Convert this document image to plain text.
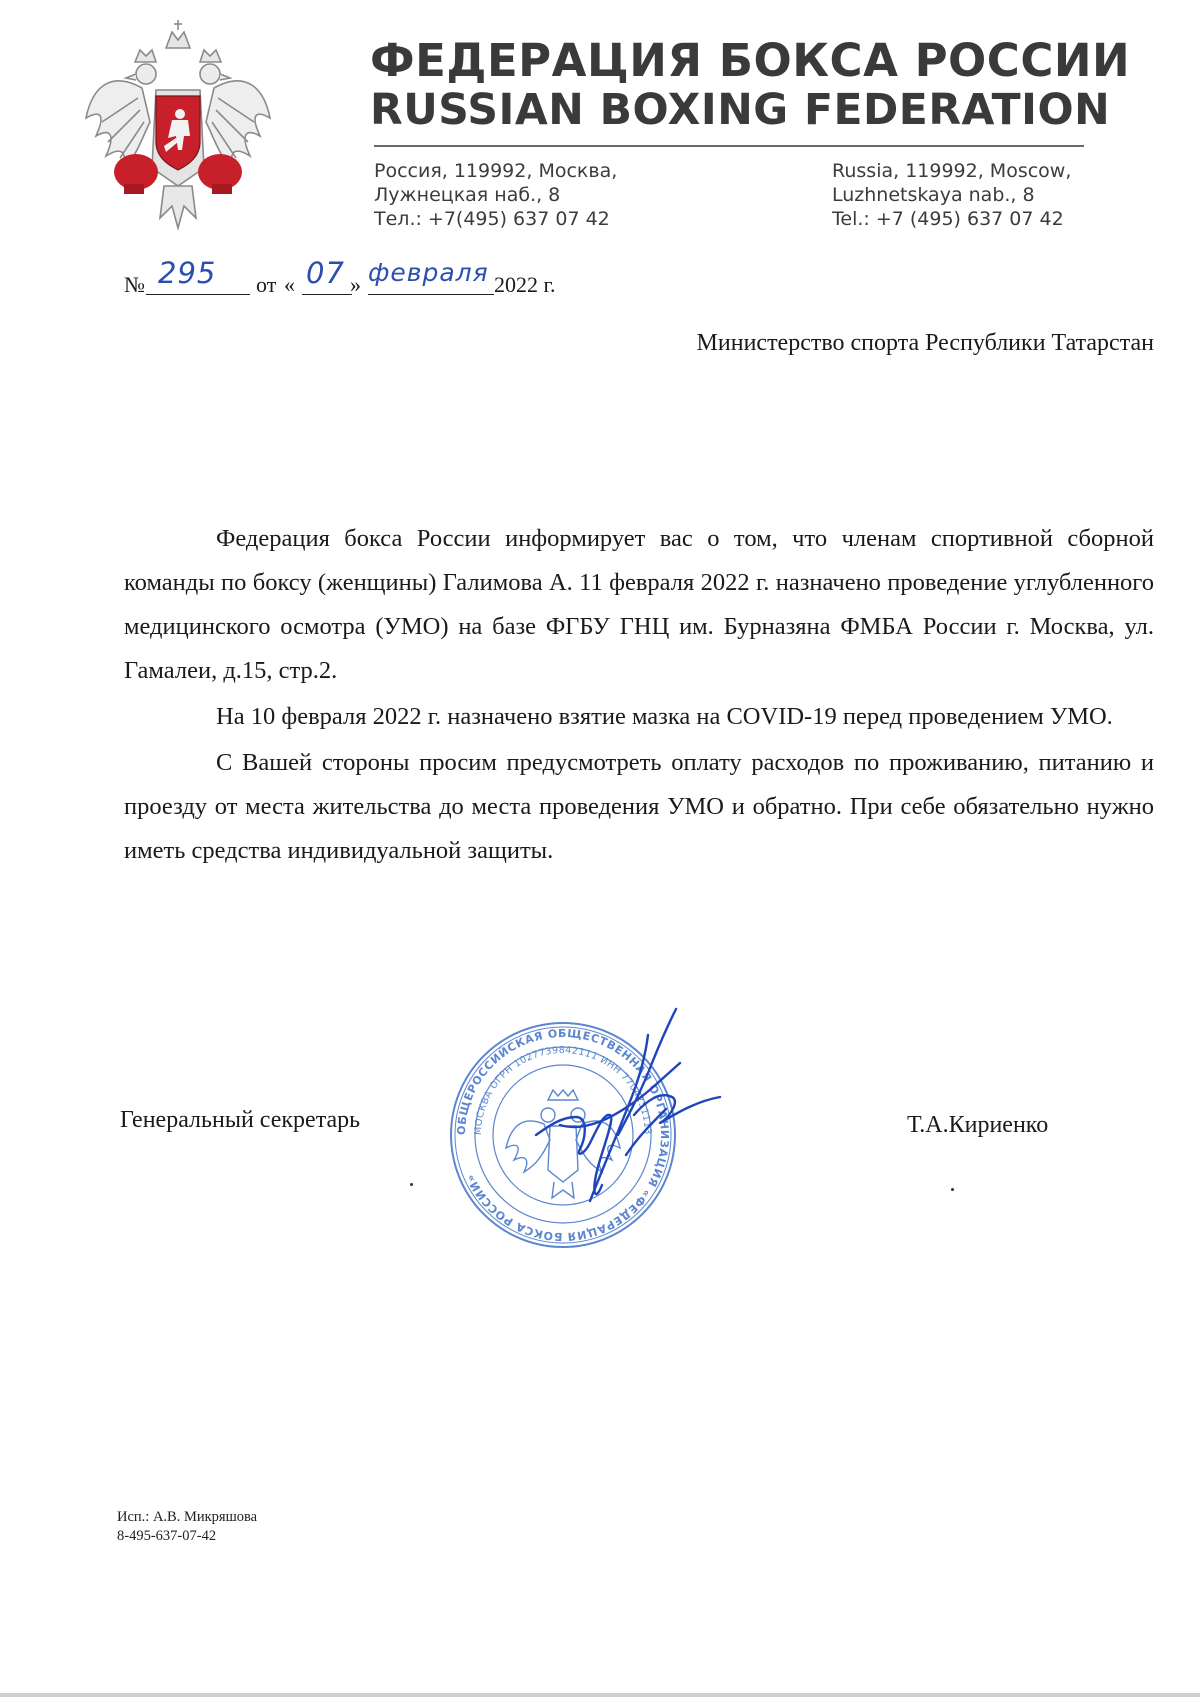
ФЕДЕРАЦИЯ БОКСА РОССИИ
RUSSIAN BOXING FEDERATION
Россия, 119992, Москва,
Лужнецкая наб., 8
Тел.: +7(495) 637 07 42
Russia, 119992, Moscow,
Luzhnetskaya nab., 8
Tel.: +7 (495) 637 07 42
№ 295 от « 07 » февраля 2022 г.
Министерство спорта Республики Татарстан

Федерация бокса России информирует вас о том, что членам спортивной сборной команды по боксу (женщины) Галимова А. 11 февраля 2022 г. назначено проведение углубленного медицинского осмотра (УМО) на базе ФГБУ ГНЦ им. Бурназяна ФМБА России г. Москва, ул. Гамалеи, д.15, стр.2.

На 10 февраля 2022 г. назначено взятие мазка на COVID-19 перед проведением УМО.

С Вашей стороны просим предусмотреть оплату расходов по проживанию, питанию и проезду от места жительства до места проведения УМО и обратно. При себе обязательно нужно иметь средства индивидуальной защиты.

Генеральный секретарь	ОБЩЕРОССИЙСКАЯ ОБЩЕСТВЕННАЯ ОРГАНИЗАЦИЯ «ФЕДЕРАЦИЯ БОКСА РОССИИ»
МОСКВА ОГРН 1027739842111 ИНН 7704251113	Т.А.Кириенко
Исп.: А.В. Микряшова
8-495-637-07-42
